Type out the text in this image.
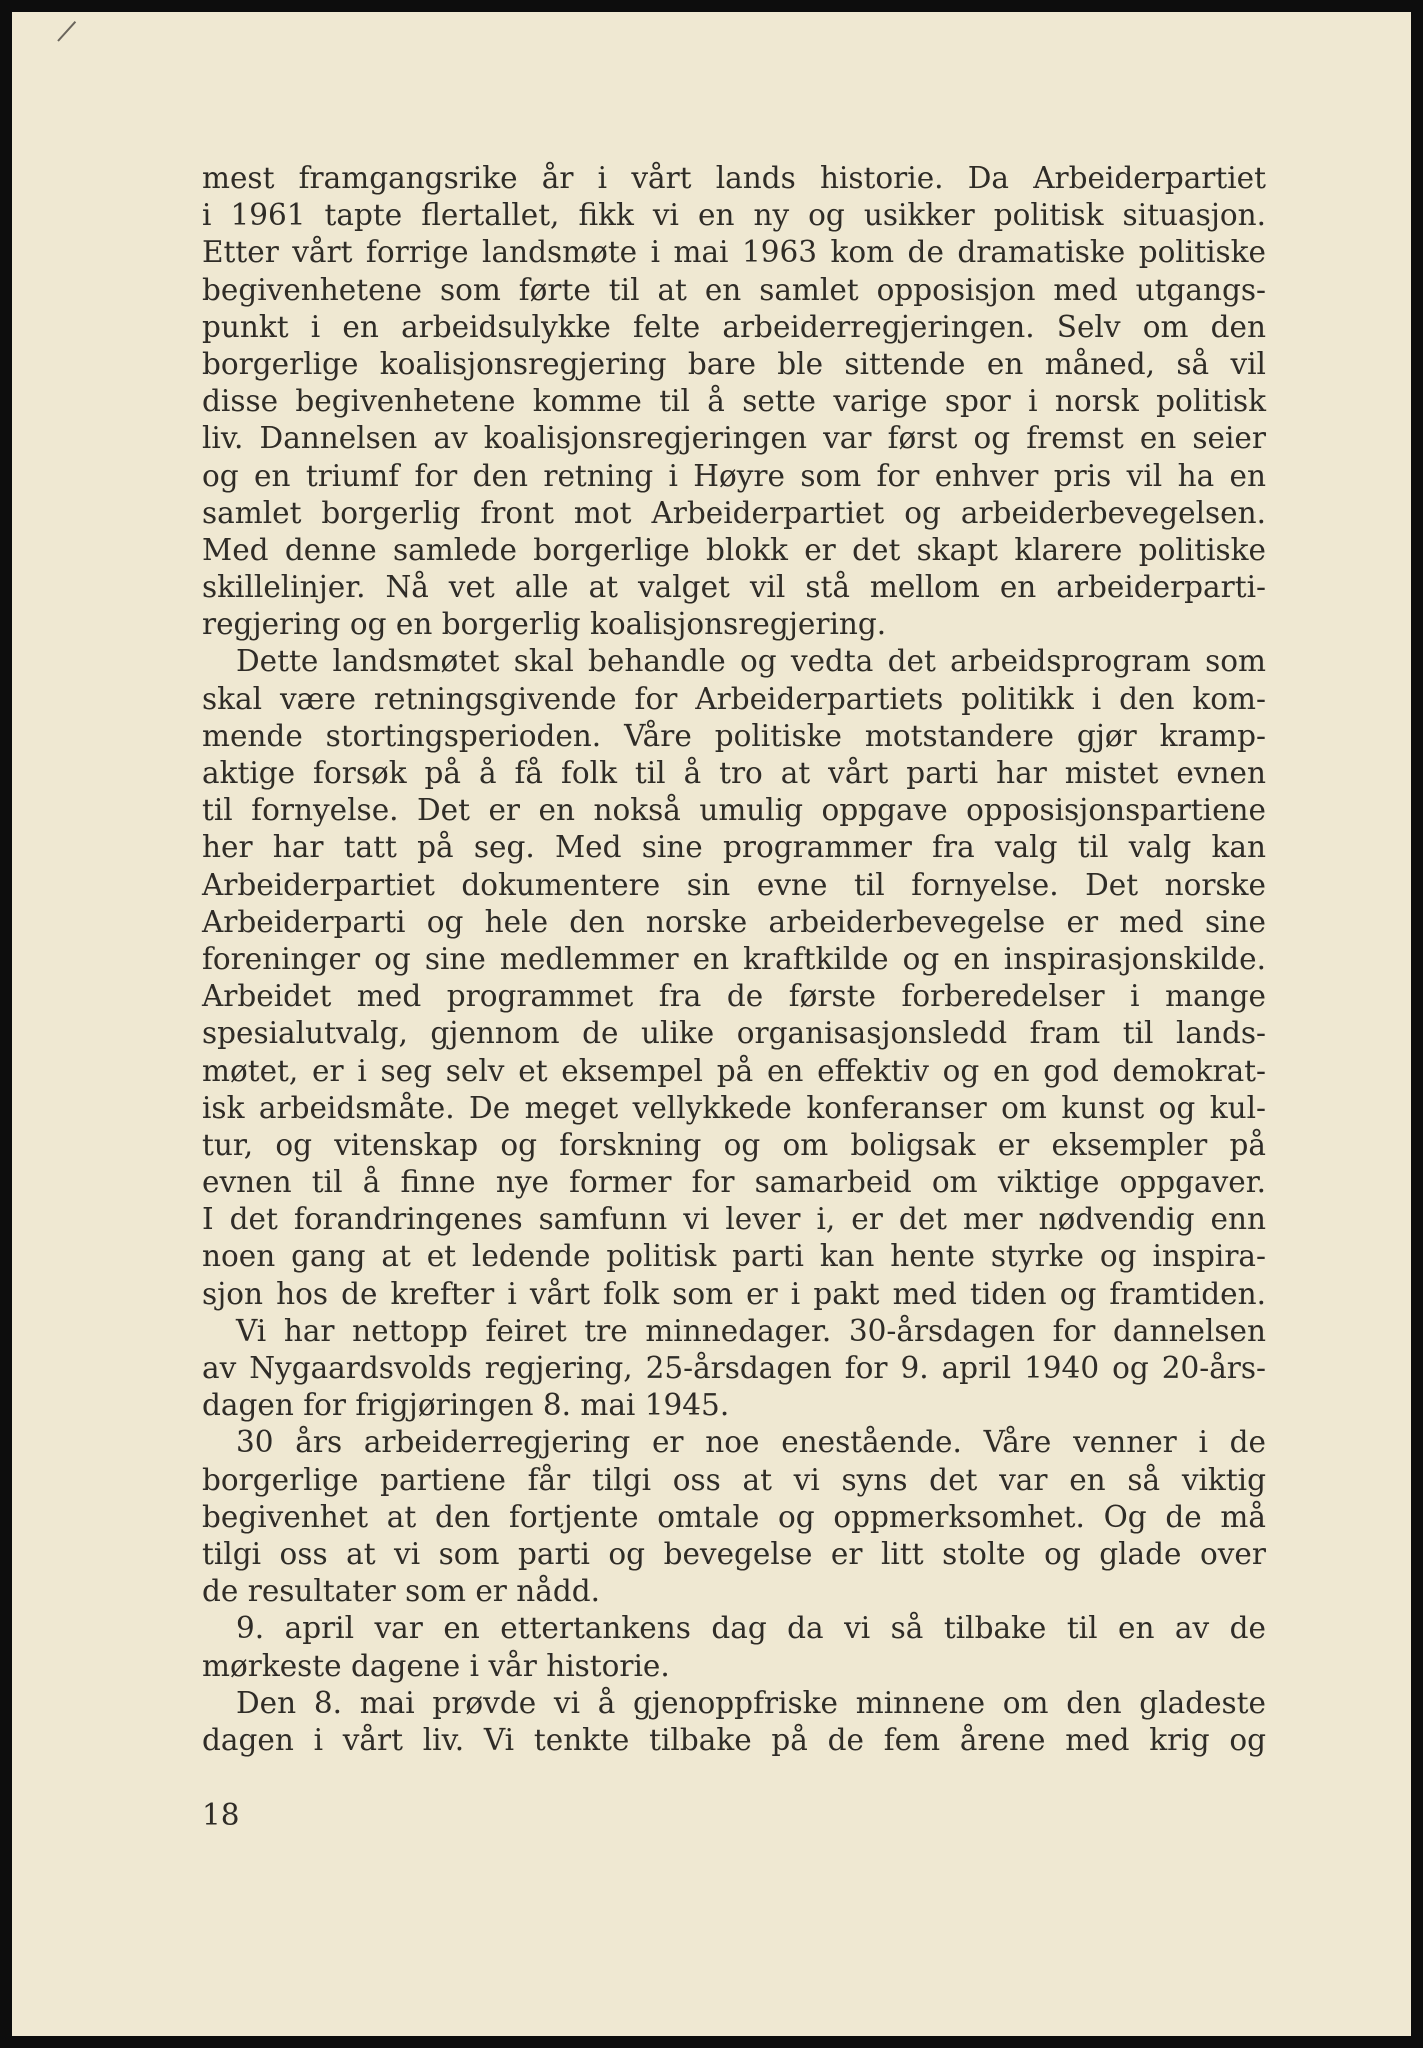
mest framgangsrike år i vårt lands historie. Da Arbeiderpartiet
i 1961 tapte flertallet, fikk vi en ny og usikker politisk situasjon.
Etter vårt forrige landsmøte i mai 1963 kom de dramatiske politiske
begivenhetene som førte til at en samlet opposisjon med utgangs-
punkt i en arbeidsulykke felte arbeiderregjeringen. Selv om den
borgerlige koalisjonsregjering bare ble sittende en måned, så vil
disse begivenhetene komme til å sette varige spor i norsk politisk
liv. Dannelsen av koalisjonsregjeringen var først og fremst en seier
og en triumf for den retning i Høyre som for enhver pris vil ha en
samlet borgerlig front mot Arbeiderpartiet og arbeiderbevegelsen.
Med denne samlede borgerlige blokk er det skapt klarere politiske
skillelinjer. Nå vet alle at valget vil stå mellom en arbeiderparti-
regjering og en borgerlig koalisjonsregjering.
Dette landsmøtet skal behandle og vedta det arbeidsprogram som
skal være retningsgivende for Arbeiderpartiets politikk i den kom-
mende stortingsperioden. Våre politiske motstandere gjør kramp-
aktige forsøk på å få folk til å tro at vårt parti har mistet evnen
til fornyelse. Det er en nokså umulig oppgave opposisjonspartiene
her har tatt på seg. Med sine programmer fra valg til valg kan
Arbeiderpartiet dokumentere sin evne til fornyelse. Det norske
Arbeiderparti og hele den norske arbeiderbevegelse er med sine
foreninger og sine medlemmer en kraftkilde og en inspirasjonskilde.
Arbeidet med programmet fra de første forberedelser i mange
spesialutvalg, gjennom de ulike organisasjonsledd fram til lands-
møtet, er i seg selv et eksempel på en effektiv og en god demokrat-
isk arbeidsmåte. De meget vellykkede konferanser om kunst og kul-
tur, og vitenskap og forskning og om boligsak er eksempler på
evnen til å finne nye former for samarbeid om viktige oppgaver.
I det forandringenes samfunn vi lever i, er det mer nødvendig enn
noen gang at et ledende politisk parti kan hente styrke og inspira-
sjon hos de krefter i vårt folk som er i pakt med tiden og framtiden.
Vi har nettopp feiret tre minnedager. 30-årsdagen for dannelsen
av Nygaardsvolds regjering, 25-årsdagen for 9. april 1940 og 20-års-
dagen for frigjøringen 8. mai 1945.
30 års arbeiderregjering er noe enestående. Våre venner i de
borgerlige partiene får tilgi oss at vi syns det var en så viktig
begivenhet at den fortjente omtale og oppmerksomhet. Og de må
tilgi oss at vi som parti og bevegelse er litt stolte og glade over
de resultater som er nådd.
9. april var en ettertankens dag da vi så tilbake til en av de
mørkeste dagene i vår historie.
Den 8. mai prøvde vi å gjenoppfriske minnene om den gladeste
dagen i vårt liv. Vi tenkte tilbake på de fem årene med krig og
18
